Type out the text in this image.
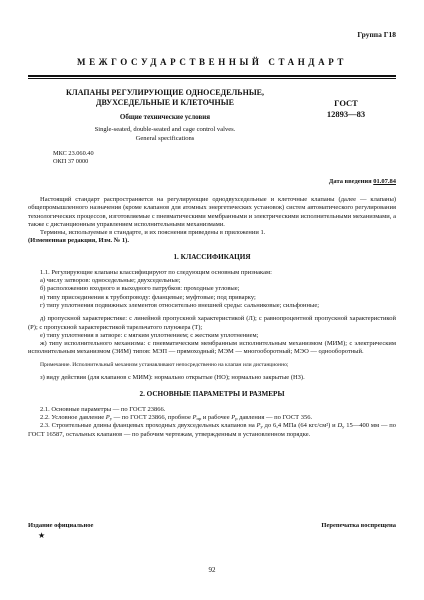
Группа Г18
МЕЖГОСУДАРСТВЕННЫЙ СТАНДАРТ
КЛАПАНЫ РЕГУЛИРУЮЩИЕ ОДНОСЕДЕЛЬНЫЕ,
ДВУХСЕДЕЛЬНЫЕ И КЛЕТОЧНЫЕ
Общие технические условия
Single-seated, double-seated and cage control valves.
General specifications
ГОСТ
12893—83
МКС 23.060.40
ОКП 37 0000
Дата введения 01.07.84

Настоящий стандарт распространяется на регулирующие однодвухседельные и клеточные клапаны (далее — клапаны) общепромышленного назначения (кроме клапанов для атомных энергетических установок) систем автоматического регулирования технологических процессов, изготовляемые с пневматическими мембранными и электрическими исполнительными механизмами, а также с дистанционным управлением исполнительными механизмами.

Термины, используемые в стандарте, и их пояснения приведены в приложении 1.

(Измененная редакция, Изм. № 1).

1. КЛАССИФИКАЦИЯ

1.1. Регулирующие клапаны классифицируют по следующим основным признакам:

а) числу затворов: односедельные; двухседельные;

б) расположению входного и выходного патрубков: проходные угловые;

в) типу присоединения к трубопроводу: фланцевые; муфтовые; под приварку;

г) типу уплотнения подвижных элементов относительно внешней среды: сальниковые; сильфонные;

д) пропускной характеристике: с линейной пропускной характеристикой (Л); с равнопроцентной пропускной характеристикой (Р); с пропускной характеристикой тарельчатого плунжера (Т);

е) типу уплотнения в затворе: с мягким уплотнением; с жестким уплотнением;

ж) типу исполнительного механизма: с пневматическим мембранным исполнительным механизмом (МИМ); с электрическим исполнительным механизмом (ЭИМ) типов: МЭП — прямоходный; МЭМ — многооборотный; МЭО — однооборотный.

Примечание. Исполнительный механизм устанавливают непосредственно на клапан или дистанционно;

з) виду действия (для клапанов с МИМ): нормально открытые (НО); нормально закрытые (НЗ).

2. ОСНОВНЫЕ ПАРАМЕТРЫ И РАЗМЕРЫ

2.1. Основные параметры — по ГОСТ 23866.

2.2. Условное давление $P_у$ — по ГОСТ 23866, пробное $P_{пр}$ и рабочее $P_р$ давления — по ГОСТ 356.

2.3. Строительные длины фланцевых проходных двухседельных клапанов на $P_у$ до 6,4 МПа (64 кгс/см²) и $D_у$ 15—400 мм — по ГОСТ 16587, остальных клапанов — по рабочим чертежам, утвержденным в установленном порядке.

Издание официальное
★
Перепечатка воспрещена
92
